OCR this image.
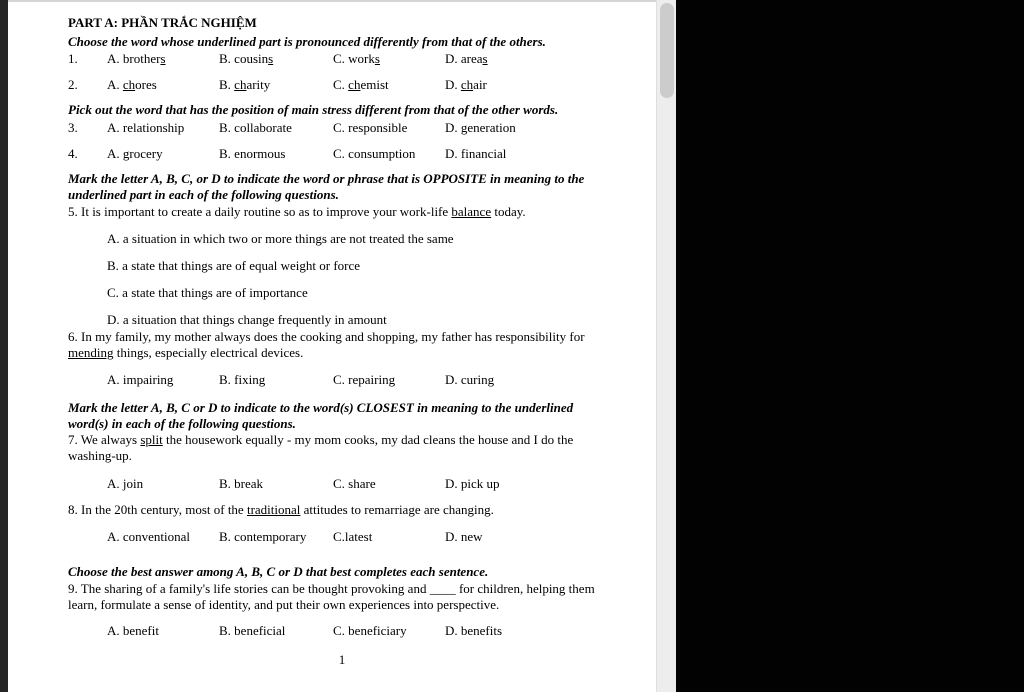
PART A: PHẦN TRẮC NGHIỆM
Choose the word whose underlined part is pronounced differently from that of the others.
1.	A. brothers	B. cousins	C. works	D. areas
2.	A. chores	B. charity	C. chemist	D. chair
Pick out the word that has the position of main stress different from that of the other words.
3.	A. relationship	B. collaborate	C. responsible	D. generation
4.	A. grocery	B. enormous	C. consumption	D. financial
Mark the letter A, B, C, or D to indicate the word or phrase that is OPPOSITE in meaning to the underlined part in each of the following questions.
5. It is important to create a daily routine so as to improve your work-life balance today.
A. a situation in which two or more things are not treated the same
B. a state that things are of equal weight or force
C. a state that things are of importance
D. a situation that things change frequently in amount
6. In my family, my mother always does the cooking and shopping, my father has responsibility for mending things, especially electrical devices.
A. impairing	B. fixing	C. repairing	D. curing
Mark the letter A, B, C or D to indicate to the word(s) CLOSEST in meaning to the underlined word(s) in each of the following questions.
7. We always split the housework equally - my mom cooks, my dad cleans the house and I do the washing-up.
A. join	B. break	C. share	D. pick up
8. In the 20th century, most of the traditional attitudes to remarriage are changing.
A. conventional	B. contemporary	C.latest	D. new
Choose the best answer among A, B, C or D that best completes each sentence.
9. The sharing of a family's life stories can be thought provoking and ____ for children, helping them learn, formulate a sense of identity, and put their own experiences into perspective.
A. benefit	B. beneficial	C. beneficiary	D. benefits
1
